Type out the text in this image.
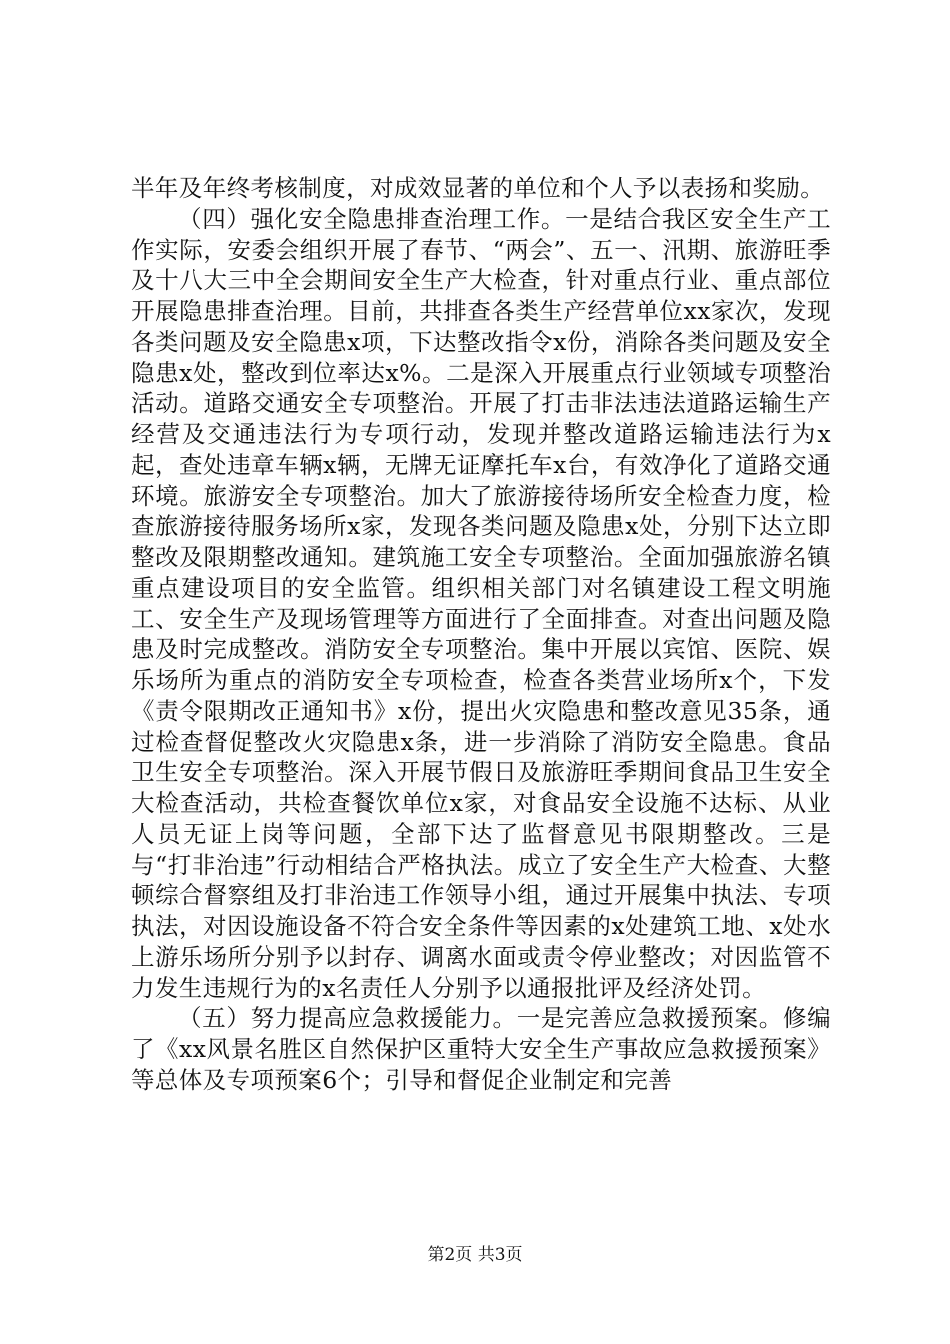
半年及年终考核制度，对成效显著的单位和个人予以表扬和奖励。

（四）强化安全隐患排查治理工作。一是结合我区安全生产工作实际，安委会组织开展了春节、“两会”、五一、汛期、旅游旺季及十八大三中全会期间安全生产大检查，针对重点行业、重点部位开展隐患排查治理。目前，共排查各类生产经营单位xx家次，发现各类问题及安全隐患x项，下达整改指令x份，消除各类问题及安全隐患x处，整改到位率达x%。二是深入开展重点行业领域专项整治活动。道路交通安全专项整治。开展了打击非法违法道路运输生产经营及交通违法行为专项行动，发现并整改道路运输违法行为x起，查处违章车辆x辆，无牌无证摩托车x台，有效净化了道路交通环境。旅游安全专项整治。加大了旅游接待场所安全检查力度，检查旅游接待服务场所x家，发现各类问题及隐患x处，分别下达立即整改及限期整改通知。建筑施工安全专项整治。全面加强旅游名镇重点建设项目的安全监管。组织相关部门对名镇建设工程文明施工、安全生产及现场管理等方面进行了全面排查。对查出问题及隐患及时完成整改。消防安全专项整治。集中开展以宾馆、医院、娱乐场所为重点的消防安全专项检查，检查各类营业场所x个，下发《责令限期改正通知书》x份，提出火灾隐患和整改意见35条，通过检查督促整改火灾隐患x条，进一步消除了消防安全隐患。食品卫生安全专项整治。深入开展节假日及旅游旺季期间食品卫生安全大检查活动，共检查餐饮单位x家，对食品安全设施不达标、从业人员无证上岗等问题，全部下达了监督意见书限期整改。三是与“打非治违”行动相结合严格执法。成立了安全生产大检查、大整顿综合督察组及打非治违工作领导小组，通过开展集中执法、专项执法，对因设施设备不符合安全条件等因素的x处建筑工地、x处水上游乐场所分别予以封存、调离水面或责令停业整改；对因监管不力发生违规行为的x名责任人分别予以通报批评及经济处罚。

（五）努力提高应急救援能力。一是完善应急救援预案。修编了《xx风景名胜区自然保护区重特大安全生产事故应急救援预案》等总体及专项预案6个；引导和督促企业制定和完善

第2页 共3页
